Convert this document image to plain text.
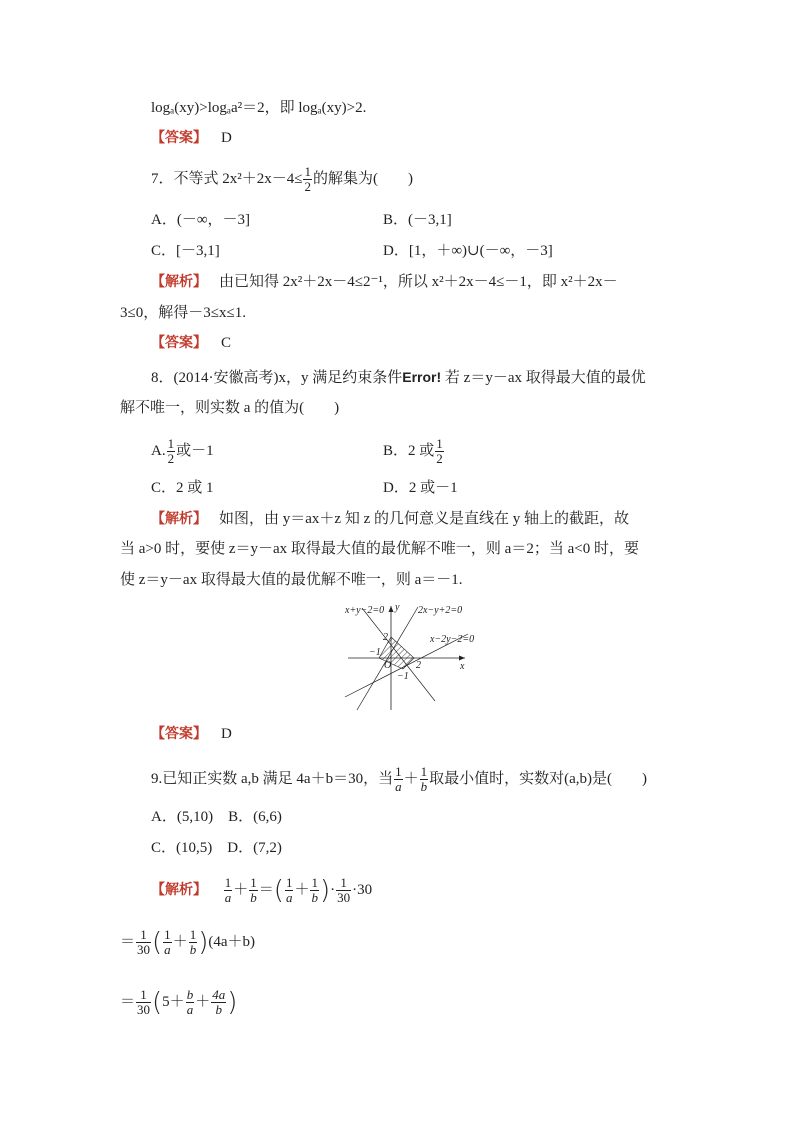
logₐ(xy)>logₐa²＝2，即 logₐ(xy)>2.
【答案】 D
7．不等式 $2x^2+2x-4\le \frac{1}{2}$ 的解集为(　　)
A．(－∞，－3]	B．(－3,1]
C．[－3,1]	D．[1，＋∞)∪(－∞，－3]
【解析】 由已知得 2x²＋2x－4≤2⁻¹，所以 x²＋2x－4≤－1，即 x²＋2x－
3≤0，解得－3≤x≤1.
【答案】 C
8．(2014·安徽高考)x，y 满足约束条件Error! 若 z＝y－ax 取得最大值的最优
解不唯一，则实数 a 的值为(　　)
A. $\frac{1}{2}$ 或－1	B．2 或 $\frac{1}{2}$
C．2 或 1	D．2 或－1
【解析】 如图，由 y＝ax＋z 知 z 的几何意义是直线在 y 轴上的截距，故
当 a>0 时，要使 z＝y－ax 取得最大值的最优解不唯一，则 a＝2；当 a<0 时，要
使 z＝y－ax 取得最大值的最优解不唯一，则 a＝－1.
x+y−2=0	2x−y+2=0
x−2y−2=0
y
x
O
2
−1
2
−1
【答案】 D
9.已知正实数 a,b 满足 4a＋b＝30，当 $\frac{1}{a} + \frac{1}{b}$ 取最小值时，实数对(a,b)是(　　)
A．(5,10)　B．(6,6)
C．(10,5)　D．(7,2)
【解析】 $\frac{1}{a} + \frac{1}{b}$ ＝( $\frac{1}{a} + \frac{1}{b}$ )· $\frac{1}{30} \cdot 30$
＝ $\frac{1}{30}$ ( $\frac{1}{a} + \frac{1}{b} )(4a+b)$
＝ $\frac{1}{30} (5+ \frac{b}{a} + \frac{4a}{b}$ )
